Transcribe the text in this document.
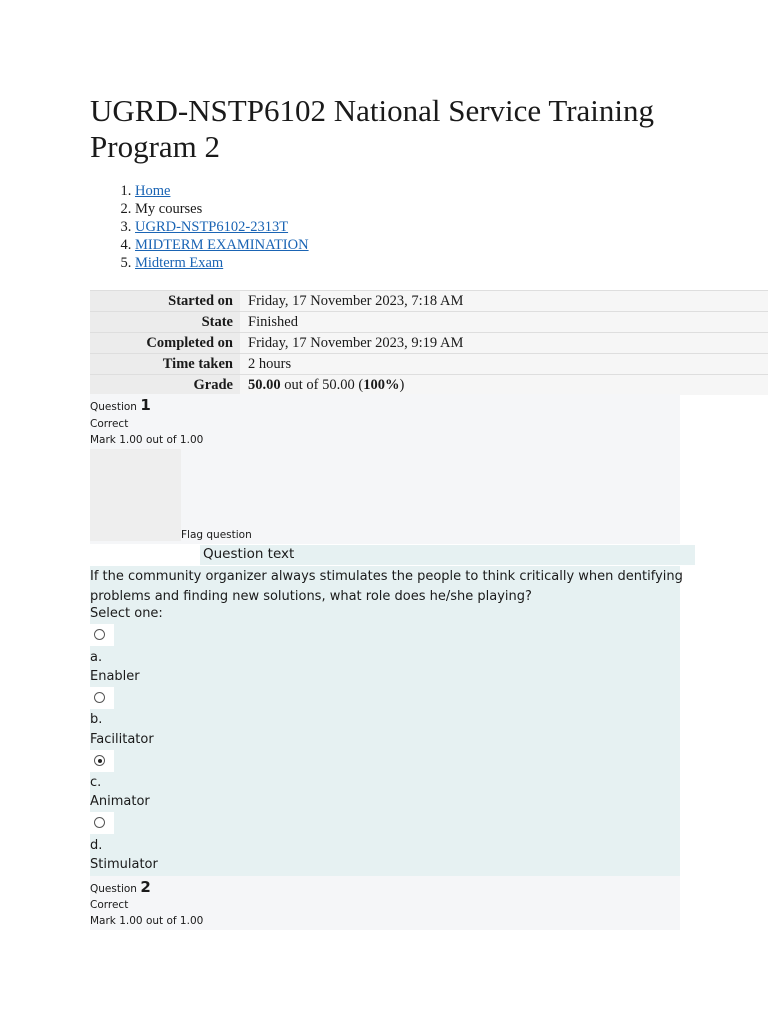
UGRD-NSTP6102 National Service Training Program 2
1. Home
2. My courses
3. UGRD-NSTP6102-2313T
4. MIDTERM EXAMINATION
5. Midterm Exam
Started on	Friday, 17 November 2023, 7:18 AM
State	Finished
Completed on	Friday, 17 November 2023, 9:19 AM
Time taken	2 hours
Grade	50.00 out of 50.00 (100%)
Question 1
Correct
Mark 1.00 out of 1.00
Flag question
Question text
If the community organizer always stimulates the people to think critically when dentifying problems and finding new solutions, what role does he/she playing?
Select one:
a.
Enabler
b.
Facilitator
c.
Animator
d.
Stimulator
Question 2
Correct
Mark 1.00 out of 1.00
